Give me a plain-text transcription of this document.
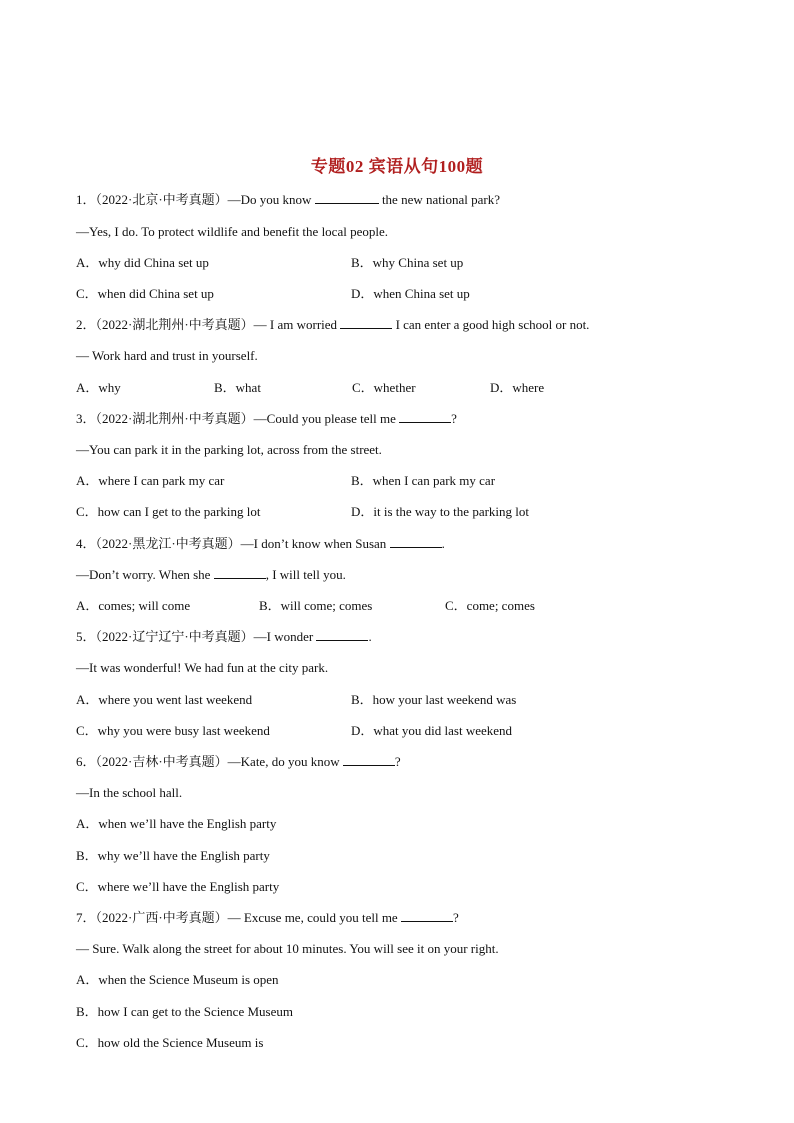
专题02 宾语从句100题
1．（2022·北京·中考真题）—Do you know	the new national park?
—Yes, I do. To protect wildlife and benefit the local people.
A．why did China set up	B．why China set up
C．when did China set up	D．when China set up
2．（2022·湖北荆州·中考真题）— I am worried	I can enter a good high school or not.
— Work hard and trust in yourself.
A．why	B．what	C．whether	D．where
3．（2022·湖北荆州·中考真题）—Could you please tell me	?
—You can park it in the parking lot, across from the street.
A．where I can park my car	B．when I can park my car
C．how can I get to the parking lot	D．it is the way to the parking lot
4．（2022·黑龙江·中考真题）—I don’t know when Susan	.
—Don’t worry. When she	, I will tell you.
A．comes; will come	B．will come; comes	C．come; comes
5．（2022·辽宁辽宁·中考真题）—I wonder	.
—It was wonderful! We had fun at the city park.
A．where you went last weekend	B．how your last weekend was
C．why you were busy last weekend	D．what you did last weekend
6．（2022·吉林·中考真题）—Kate, do you know	?
—In the school hall.
A．when we’ll have the English party
B．why we’ll have the English party
C．where we’ll have the English party
7．（2022·广西·中考真题）— Excuse me, could you tell me	?
— Sure. Walk along the street for about 10 minutes. You will see it on your right.
A．when the Science Museum is open
B．how I can get to the Science Museum
C．how old the Science Museum is
